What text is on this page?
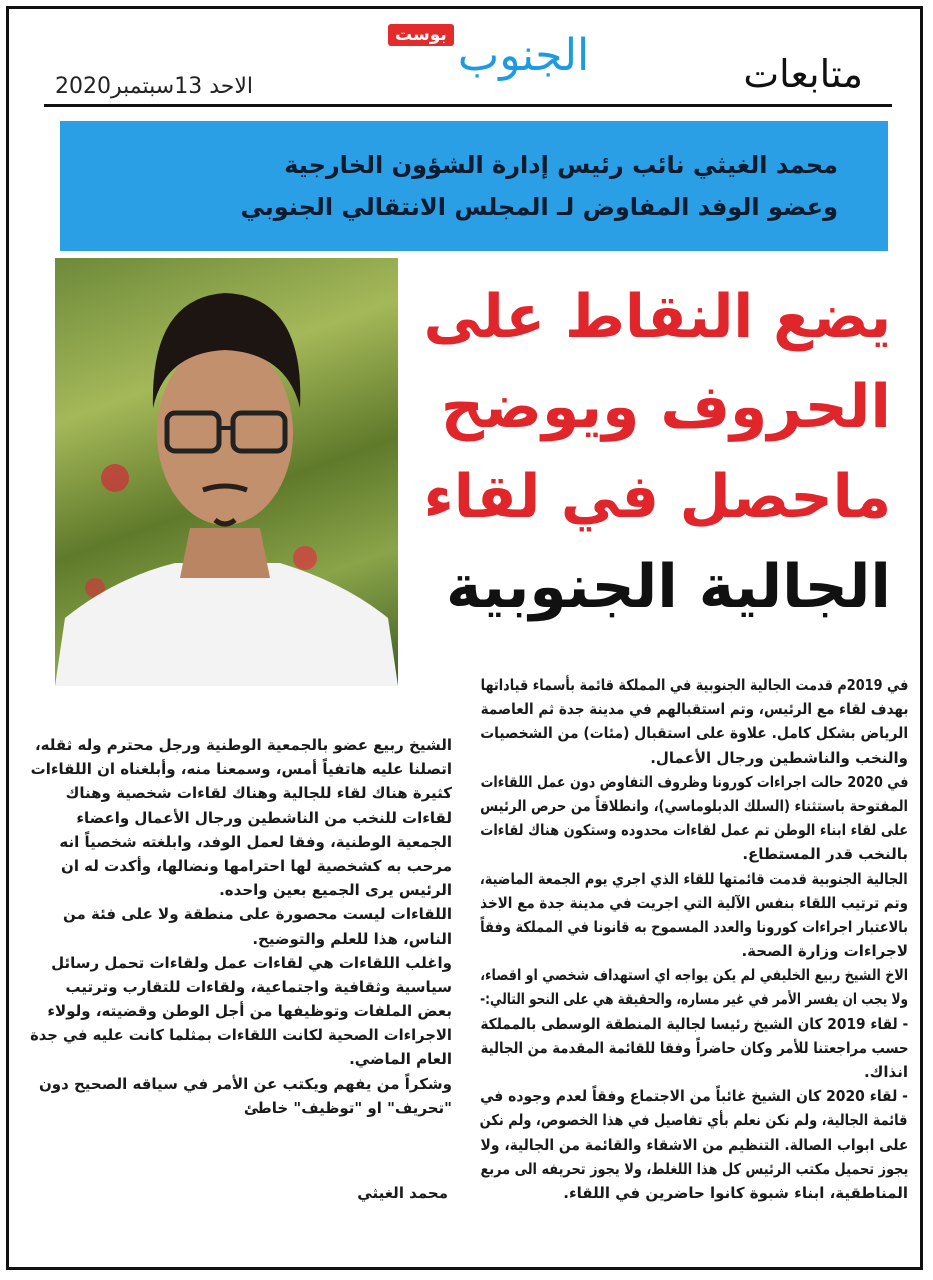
متابعات
بوست الجنوب
الاحد 13سبتمبر2020
محمد الغيثي نائب رئيس إدارة الشؤون الخارجية
وعضو الوفد المفاوض لـ المجلس الانتقالي الجنوبي
يضع النقاط على
الحروف ويوضح
ماحصل في لقاء
الجالية الجنوبية
في 2019م قدمت الجالية الجنوبية في المملكة قائمة بأسماء قياداتها
بهدف لقاء مع الرئيس، وتم استقبالهم في مدينة جدة ثم العاصمة
الرياض بشكل كامل. علاوة على استقبال (مئات) من الشخصيات
والنخب والناشطين ورجال الأعمال.
في 2020 حالت اجراءات كورونا وظروف التفاوض دون عمل اللقاءات
المفتوحة باستثناء (السلك الدبلوماسي)، وانطلاقاً من حرص الرئيس
على لقاء ابناء الوطن تم عمل لقاءات محدوده وستكون هناك لقاءات
بالنخب قدر المستطاع.
الجالية الجنوبية قدمت قائمتها للقاء الذي اجري يوم الجمعة الماضية،
وتم ترتيب اللقاء بنفس الآلية التي اجريت في مدينة جدة مع الاخذ
بالاعتبار اجراءات كورونا والعدد المسموح به قانونا في المملكة وفقاً
لاجراءات وزارة الصحة.
الاخ الشيخ ربيع الخليفي لم يكن يواجه اي استهداف شخصي او اقصاء،
ولا يجب ان يفسر الأمر في غير مساره، والحقيقة هي على النحو التالي:-
- لقاء 2019 كان الشيخ رئيسا لجالية المنطقة الوسطى بالمملكة
حسب مراجعتنا للأمر وكان حاضراً وفقا للقائمة المقدمة من الجالية
انذاك.
- لقاء 2020 كان الشيخ غائباً من الاجتماع وفقاً لعدم وجوده في
قائمة الجالية، ولم نكن نعلم بأي تفاصيل في هذا الخصوص، ولم نكن
على ابواب الصالة. التنظيم من الاشقاء والقائمة من الجالية، ولا
يجوز تحميل مكتب الرئيس كل هذا اللغلط، ولا يجوز تحريفه الى مربع
المناطقية، ابناء شبوة كانوا حاضرين في اللقاء.
الشيخ ربيع عضو بالجمعية الوطنية ورجل محترم وله ثقله،
اتصلنا عليه هاتفياً أمس، وسمعنا منه، وأبلغناه ان اللقاءات
كثيرة هناك لقاء للجالية وهناك لقاءات شخصية وهناك
لقاءات للنخب من الناشطين ورجال الأعمال واعضاء
الجمعية الوطنية، وفقا لعمل الوفد، وابلغته شخصياً انه
مرحب به كشخصية لها احترامها ونضالها، وأكدت له ان
الرئيس يرى الجميع بعين واحده.
اللقاءات ليست محصورة على منطقة ولا على فئة من
الناس، هذا للعلم والتوضيح.
واغلب اللقاءات هي لقاءات عمل ولقاءات تحمل رسائل
سياسية وثقافية واجتماعية، ولقاءات للتقارب وترتيب
بعض الملفات وتوظيفها من أجل الوطن وقضيته، ولولاء
الاجراءات الصحية لكانت اللقاءات بمثلما كانت عليه في جدة
العام الماضي.
وشكراً من يفهم ويكتب عن الأمر في سياقه الصحيح دون
"تحريف" او "توظيف" خاطئ
محمد الغيثي
